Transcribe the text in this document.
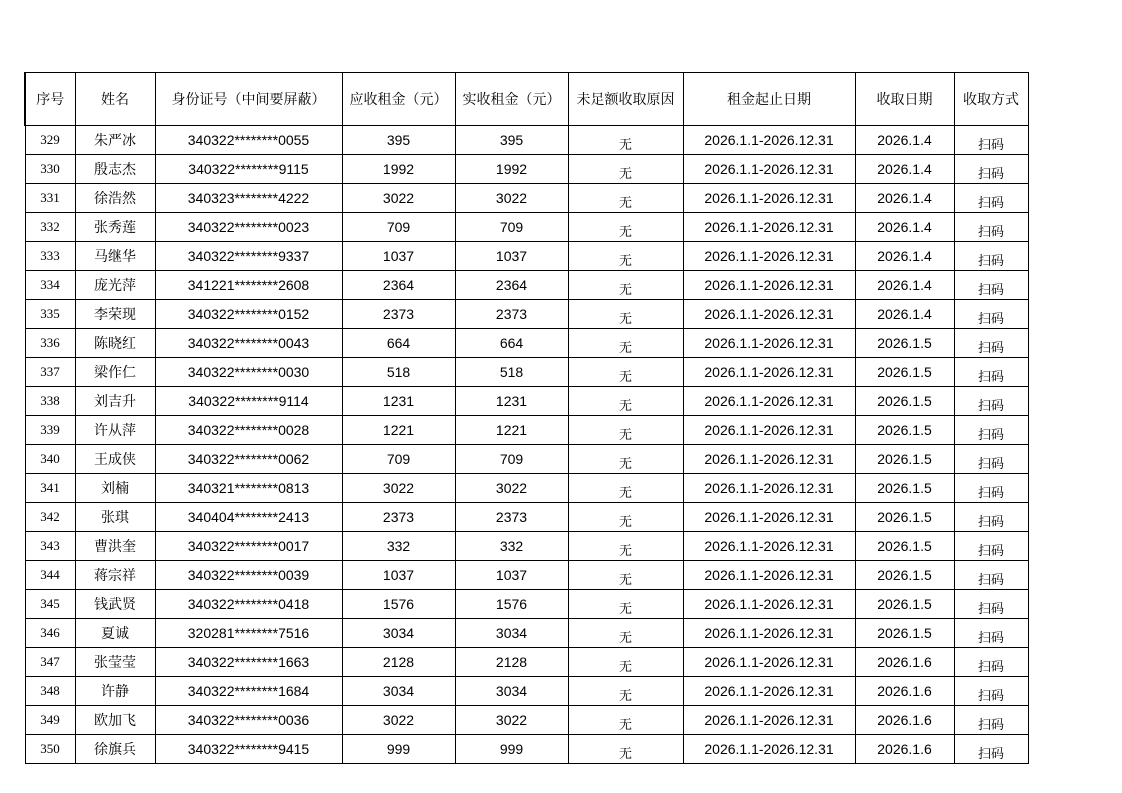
序号	姓名	身份证号（中间要屏蔽）	应收租金（元）	实收租金（元）	未足额收取原因	租金起止日期	收取日期	收取方式
329	朱严冰	340322********0055	395	395	无	2026.1.1-2026.12.31	2026.1.4	扫码
330	殷志杰	340322********9115	1992	1992	无	2026.1.1-2026.12.31	2026.1.4	扫码
331	徐浩然	340323********4222	3022	3022	无	2026.1.1-2026.12.31	2026.1.4	扫码
332	张秀莲	340322********0023	709	709	无	2026.1.1-2026.12.31	2026.1.4	扫码
333	马继华	340322********9337	1037	1037	无	2026.1.1-2026.12.31	2026.1.4	扫码
334	庞光萍	341221********2608	2364	2364	无	2026.1.1-2026.12.31	2026.1.4	扫码
335	李荣现	340322********0152	2373	2373	无	2026.1.1-2026.12.31	2026.1.4	扫码
336	陈晓红	340322********0043	664	664	无	2026.1.1-2026.12.31	2026.1.5	扫码
337	梁作仁	340322********0030	518	518	无	2026.1.1-2026.12.31	2026.1.5	扫码
338	刘吉升	340322********9114	1231	1231	无	2026.1.1-2026.12.31	2026.1.5	扫码
339	许从萍	340322********0028	1221	1221	无	2026.1.1-2026.12.31	2026.1.5	扫码
340	王成侠	340322********0062	709	709	无	2026.1.1-2026.12.31	2026.1.5	扫码
341	刘楠	340321********0813	3022	3022	无	2026.1.1-2026.12.31	2026.1.5	扫码
342	张琪	340404********2413	2373	2373	无	2026.1.1-2026.12.31	2026.1.5	扫码
343	曹洪奎	340322********0017	332	332	无	2026.1.1-2026.12.31	2026.1.5	扫码
344	蒋宗祥	340322********0039	1037	1037	无	2026.1.1-2026.12.31	2026.1.5	扫码
345	钱武贤	340322********0418	1576	1576	无	2026.1.1-2026.12.31	2026.1.5	扫码
346	夏诚	320281********7516	3034	3034	无	2026.1.1-2026.12.31	2026.1.5	扫码
347	张莹莹	340322********1663	2128	2128	无	2026.1.1-2026.12.31	2026.1.6	扫码
348	许静	340322********1684	3034	3034	无	2026.1.1-2026.12.31	2026.1.6	扫码
349	欧加飞	340322********0036	3022	3022	无	2026.1.1-2026.12.31	2026.1.6	扫码
350	徐旗兵	340322********9415	999	999	无	2026.1.1-2026.12.31	2026.1.6	扫码
